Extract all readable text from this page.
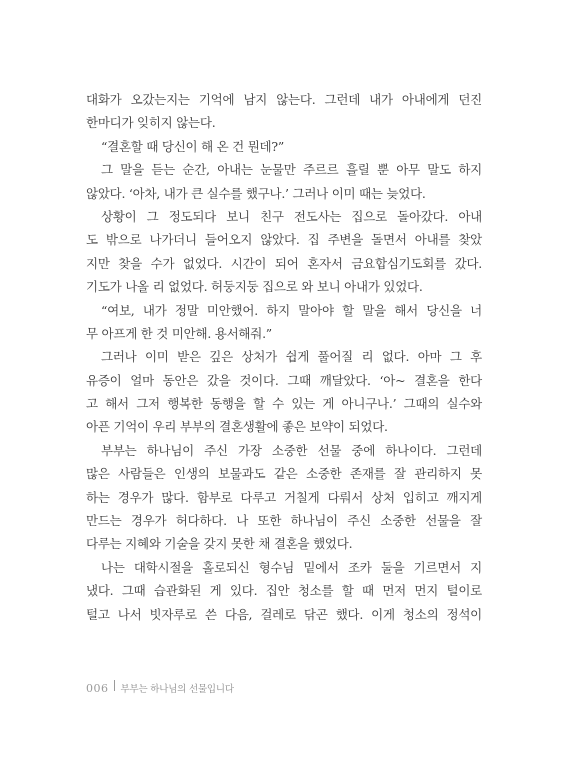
대화가 오갔는지는 기억에 남지 않는다. 그런데 내가 아내에게 던진
한마디가 잊히지 않는다.
“결혼할 때 당신이 해 온 건 뭔데?”
그 말을 듣는 순간, 아내는 눈물만 주르르 흘릴 뿐 아무 말도 하지
않았다. ‘아차, 내가 큰 실수를 했구나.’ 그러나 이미 때는 늦었다.
상황이 그 정도되다 보니 친구 전도사는 집으로 돌아갔다. 아내
도 밖으로 나가더니 들어오지 않았다. 집 주변을 돌면서 아내를 찾았
지만 찾을 수가 없었다. 시간이 되어 혼자서 금요합심기도회를 갔다.
기도가 나올 리 없었다. 허둥지둥 집으로 와 보니 아내가 있었다.
“여보, 내가 정말 미안했어. 하지 말아야 할 말을 해서 당신을 너
무 아프게 한 것 미안해. 용서해줘.”
그러나 이미 받은 깊은 상처가 쉽게 풀어질 리 없다. 아마 그 후
유증이 얼마 동안은 갔을 것이다. 그때 깨달았다. ‘아~ 결혼을 한다
고 해서 그저 행복한 동행을 할 수 있는 게 아니구나.’ 그때의 실수와
아픈 기억이 우리 부부의 결혼생활에 좋은 보약이 되었다.
부부는 하나님이 주신 가장 소중한 선물 중에 하나이다. 그런데
많은 사람들은 인생의 보물과도 같은 소중한 존재를 잘 관리하지 못
하는 경우가 많다. 함부로 다루고 거칠게 다뤄서 상처 입히고 깨지게
만드는 경우가 허다하다. 나 또한 하나님이 주신 소중한 선물을 잘
다루는 지혜와 기술을 갖지 못한 채 결혼을 했었다.
나는 대학시절을 홀로되신 형수님 밑에서 조카 둘을 기르면서 지
냈다. 그때 습관화된 게 있다. 집안 청소를 할 때 먼저 먼지 털이로
털고 나서 빗자루로 쓴 다음, 걸레로 닦곤 했다. 이게 청소의 정석이
006 부부는 하나님의 선물입니다
